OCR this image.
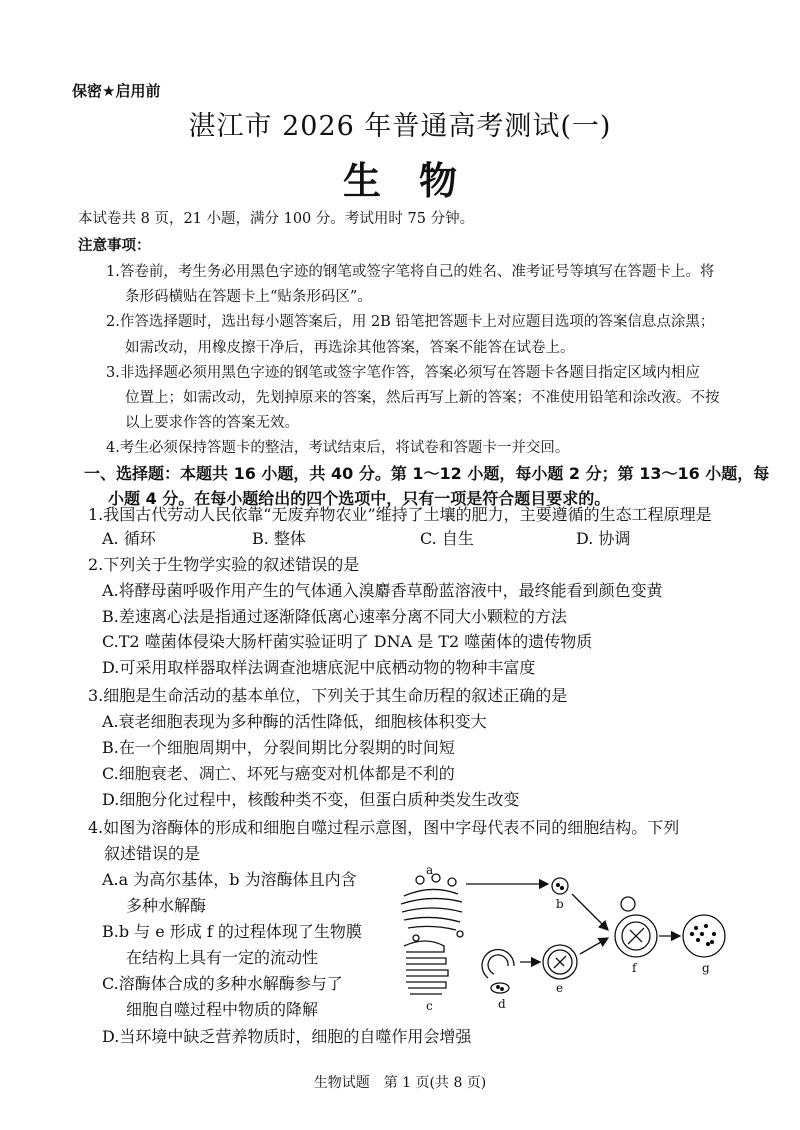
保密★启用前
湛江市 2026 年普通高考测试(一)
生物
本试卷共 8 页，21 小题，满分 100 分。考试用时 75 分钟。
注意事项：
1.答卷前，考生务必用黑色字迹的钢笔或签字笔将自己的姓名、准考证号等填写在答题卡上。将
条形码横贴在答题卡上“贴条形码区”。
2.作答选择题时，选出每小题答案后，用 2B 铅笔把答题卡上对应题目选项的答案信息点涂黑；
如需改动，用橡皮擦干净后，再选涂其他答案，答案不能答在试卷上。
3.非选择题必须用黑色字迹的钢笔或签字笔作答，答案必须写在答题卡各题目指定区域内相应
位置上；如需改动，先划掉原来的答案，然后再写上新的答案；不准使用铅笔和涂改液。不按
以上要求作答的答案无效。
4.考生必须保持答题卡的整洁，考试结束后，将试卷和答题卡一并交回。
一、选择题：本题共 16 小题，共 40 分。第 1～12 小题，每小题 2 分；第 13～16 小题，每
小题 4 分。在每小题给出的四个选项中，只有一项是符合题目要求的。
1.我国古代劳动人民依靠“无废弃物农业”维持了土壤的肥力，主要遵循的生态工程原理是
A. 循环	B. 整体	C. 自生	D. 协调
2.下列关于生物学实验的叙述错误的是
A.将酵母菌呼吸作用产生的气体通入溴麝香草酚蓝溶液中，最终能看到颜色变黄
B.差速离心法是指通过逐渐降低离心速率分离不同大小颗粒的方法
C.T2 噬菌体侵染大肠杆菌实验证明了 DNA 是 T2 噬菌体的遗传物质
D.可采用取样器取样法调查池塘底泥中底栖动物的物种丰富度
3.细胞是生命活动的基本单位，下列关于其生命历程的叙述正确的是
A.衰老细胞表现为多种酶的活性降低，细胞核体积变大
B.在一个细胞周期中，分裂间期比分裂期的时间短
C.细胞衰老、凋亡、坏死与癌变对机体都是不利的
D.细胞分化过程中，核酸种类不变，但蛋白质种类发生改变
4.如图为溶酶体的形成和细胞自噬过程示意图，图中字母代表不同的细胞结构。下列
叙述错误的是
A.a 为高尔基体，b 为溶酶体且内含
多种水解酶
B.b 与 e 形成 f 的过程体现了生物膜
在结构上具有一定的流动性
C.溶酶体合成的多种水解酶参与了
细胞自噬过程中物质的降解
D.当环境中缺乏营养物质时，细胞的自噬作用会增强
a
b
c	d
e
f	g
生物试题　第 1 页(共 8 页)
